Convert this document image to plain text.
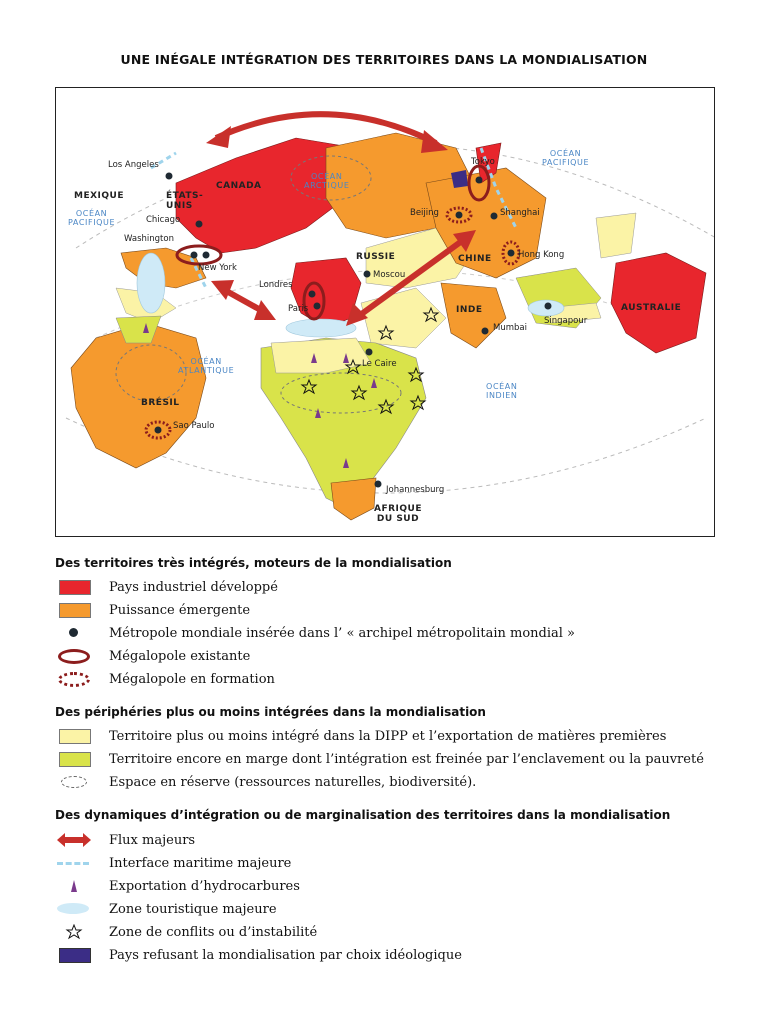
UNE INÉGALE INTÉGRATION DES TERRITOIRES DANS LA MONDIALISATION
Los Angeles
Chicago
Washington
New York
Londres
Paris
Moscou
Beijing	Shanghai
Tokyo
Hong Kong
Mumbai
Singapour
Le Caire
Sao Paulo
Johannesburg
MEXIQUE	ÉTATS-
UNIS
CANADA
RUSSIE	CHINE
INDE	AUSTRALIE
BRÉSIL
AFRIQUE
DU SUD
OCÉAN
PACIFIQUE
OCÉAN
ARCTIQUE
OCÉAN
PACIFIQUE
OCÉAN
ATLANTIQUE
OCÉAN
INDIEN
Des territoires très intégrés, moteurs de la mondialisation
Pays industriel développé
Puissance émergente
Métropole mondiale insérée dans l’ « archipel métropolitain mondial »
Mégalopole existante
Mégalopole en formation
Des périphéries plus ou moins intégrées dans la mondialisation
Territoire plus ou moins intégré dans la DIPP et l’exportation de matières premières
Territoire encore en marge dont l’intégration est freinée par l’enclavement ou la pauvreté
Espace en réserve (ressources naturelles, biodiversité).
Des dynamiques d’intégration ou de marginalisation des territoires dans la mondialisation
Flux majeurs
Interface maritime majeure
Exportation d’hydrocarbures
Zone touristique majeure
Zone de conflits ou d’instabilité
Pays refusant la mondialisation par choix idéologique
